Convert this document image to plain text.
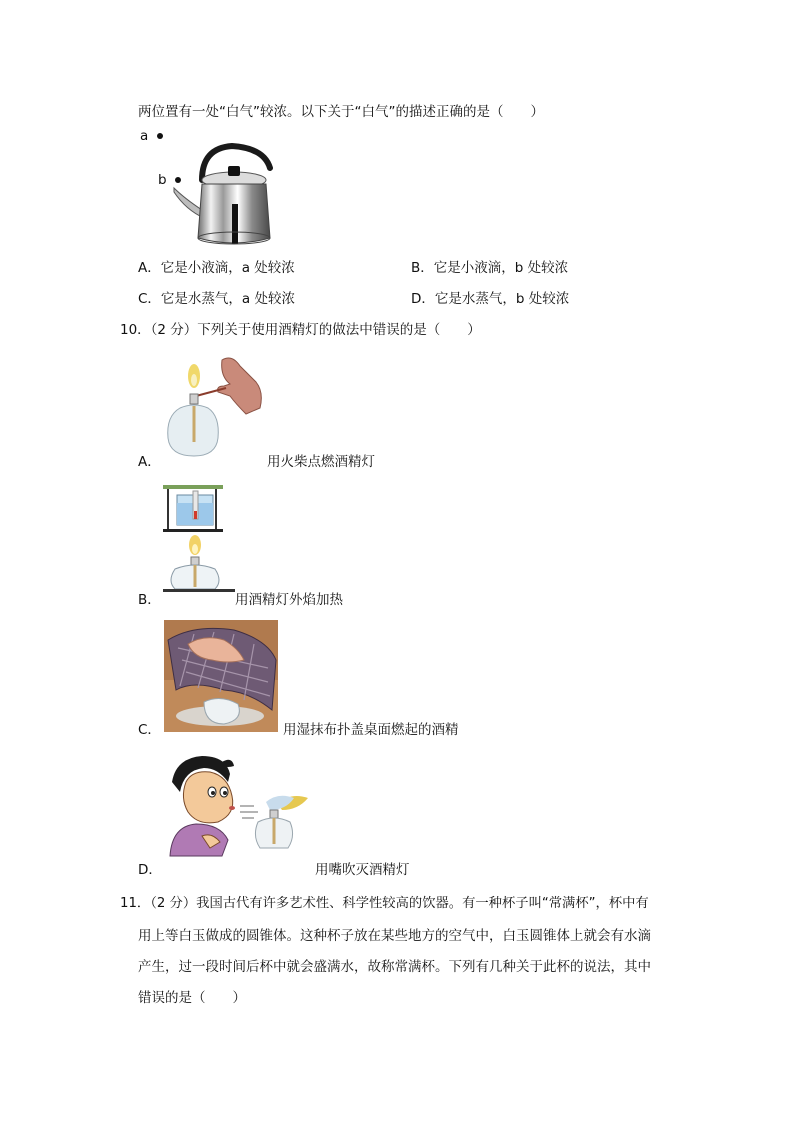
两位置有一处“白气”较浓。以下关于“白气”的描述正确的是（　　）
a
b
A．它是小液滴，a 处较浓	B．它是小液滴，b 处较浓
C．它是水蒸气，a 处较浓	D．它是水蒸气，b 处较浓
10．（2 分）下列关于使用酒精灯的做法中错误的是（　　）
A．	用火柴点燃酒精灯
B．	用酒精灯外焰加热
C．	用湿抹布扑盖桌面燃起的酒精
D．	用嘴吹灭酒精灯
11．（2 分）我国古代有许多艺术性、科学性较高的饮器。有一种杯子叫“常满杯”，杯中有
用上等白玉做成的圆锥体。这种杯子放在某些地方的空气中，白玉圆锥体上就会有水滴
产生，过一段时间后杯中就会盛满水，故称常满杯。下列有几种关于此杯的说法，其中
错误的是（　　）
